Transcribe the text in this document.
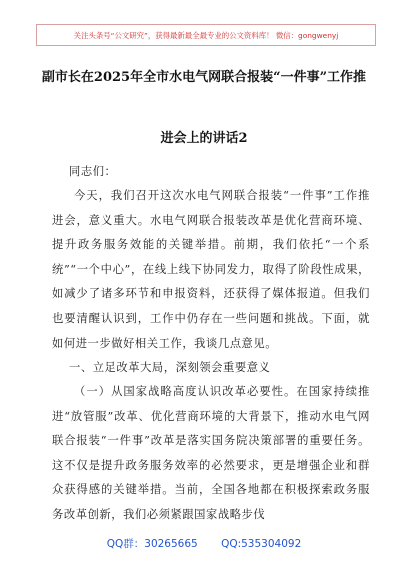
关注头条号“公文研究”，获得最新最全最专业的公文资料库！ 微信：gongwenyj
副市长在2025年全市水电气网联合报装“一件事”工作推
进会上的讲话2
同志们：
今天，我们召开这次水电气网联合报装“一件事”工作推进会，意义重大。水电气网联合报装改革是优化营商环境、提升政务服务效能的关键举措。前期，我们依托“一个系统”“一个中心”，在线上线下协同发力，取得了阶段性成果，如减少了诸多环节和申报资料，还获得了媒体报道。但我们也要清醒认识到，工作中仍存在一些问题和挑战。下面，就如何进一步做好相关工作，我谈几点意见。
一、立足改革大局，深刻领会重要意义
（一）从国家战略高度认识改革必要性。在国家持续推进“放管服”改革、优化营商环境的大背景下，推动水电气网联合报装“一件事”改革是落实国务院决策部署的重要任务。这不仅是提升政务服务效率的必然要求，更是增强企业和群众获得感的关键举措。当前，全国各地都在积极探索政务服务改革创新，我们必须紧跟国家战略步伐
QQ群：30265665 QQ:535304092
